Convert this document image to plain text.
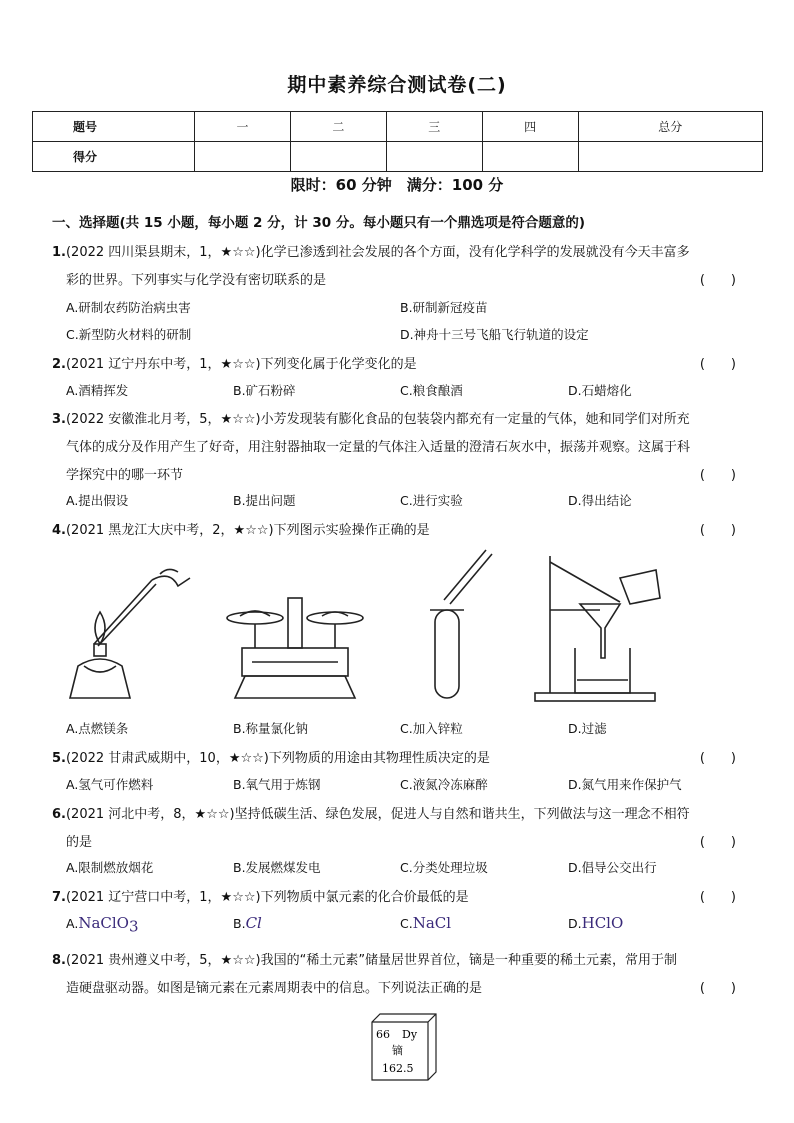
期中素养综合测试卷(二)
题号	一	二	三	四	总分
得分					
限时：60 分钟　满分：100 分
一、选择题(共 15 小题，每小题 2 分，计 30 分。每小题只有一个鼎选项是符合题意的)
1.(2022 四川渠县期末，1，★☆☆)化学已渗透到社会发展的各个方面，没有化学科学的发展就没有今天丰富多
彩的世界。下列事实与化学没有密切联系的是	(　　)
A.研制农药防治病虫害	B.研制新冠疫苗
C.新型防火材料的研制	D.神舟十三号飞船飞行轨道的设定
2.(2021 辽宁丹东中考，1，★☆☆)下列变化属于化学变化的是	(　　)
A.酒精挥发	B.矿石粉碎	C.粮食酿酒	D.石蜡熔化
3.(2022 安徽淮北月考，5，★☆☆)小芳发现装有膨化食品的包装袋内都充有一定量的气体，她和同学们对所充
气体的成分及作用产生了好奇，用注射器抽取一定量的气体注入适量的澄清石灰水中，振荡并观察。这属于科
学探究中的哪一环节	(　　)
A.提出假设	B.提出问题	C.进行实验	D.得出结论
4.(2021 黑龙江大庆中考，2，★☆☆)下列图示实验操作正确的是	(　　)
A.点燃镁条	B.称量氯化钠	C.加入锌粒	D.过滤
5.(2022 甘肃武威期中，10，★☆☆)下列物质的用途由其物理性质决定的是	(　　)
A.氢气可作燃料	B.氧气用于炼钢	C.液氮冷冻麻醉	D.氮气用来作保护气
6.(2021 河北中考，8，★☆☆)坚持低碳生活、绿色发展，促进人与自然和谐共生，下列做法与这一理念不相符
的是	(　　)
A.限制燃放烟花	B.发展燃煤发电	C.分类处理垃圾	D.倡导公交出行
7.(2021 辽宁营口中考，1，★☆☆)下列物质中氯元素的化合价最低的是	(　　)
A.NaClO$_3$	B.Cl	C.NaCl	D.HClO
8.(2021 贵州遵义中考，5，★☆☆)我国的“稀土元素”储量居世界首位，镝是一种重要的稀土元素，常用于制
造硬盘驱动器。如图是镝元素在元素周期表中的信息。下列说法正确的是	(　　)
66 Dy
镝
162.5
